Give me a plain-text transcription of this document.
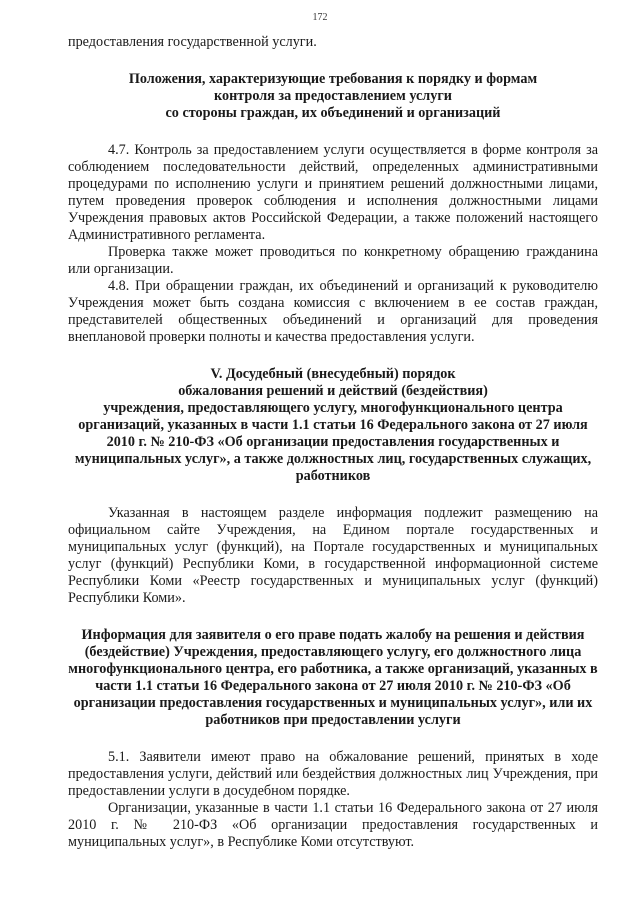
172

предоставления государственной услуги.

Положения, характеризующие требования к порядку и формам
контроля за предоставлением услуги
со стороны граждан, их объединений и организаций

4.7. Контроль за предоставлением услуги осуществляется в форме контроля за соблюдением последовательности действий, определенных административными процедурами по исполнению услуги и принятием решений должностными лицами, путем проведения проверок соблюдения и исполнения должностными лицами Учреждения правовых актов Российской Федерации, а также положений настоящего Административного регламента.

Проверка также может проводиться по конкретному обращению гражданина или организации.

4.8. При обращении граждан, их объединений и организаций к руководителю Учреждения может быть создана комиссия с включением в ее состав граждан, представителей общественных объединений и организаций для проведения внеплановой проверки полноты и качества предоставления услуги.

V. Досудебный (внесудебный) порядок
обжалования решений и действий (бездействия)
учреждения, предоставляющего услугу, многофункционального центра организаций, указанных в части 1.1 статьи 16 Федерального закона от 27 июля 2010 г. № 210-ФЗ «Об организации предоставления государственных и муниципальных услуг», а также должностных лиц, государственных служащих, работников

Указанная в настоящем разделе информация подлежит размещению на официальном сайте Учреждения, на Едином портале государственных и муниципальных услуг (функций), на Портале государственных и муниципальных услуг (функций) Республики Коми, в государственной информационной системе Республики Коми «Реестр государственных и муниципальных услуг (функций) Республики Коми».

Информация для заявителя о его праве подать жалобу на решения и действия (бездействие) Учреждения, предоставляющего услугу, его должностного лица многофункционального центра, его работника, а также организаций, указанных в части 1.1 статьи 16 Федерального закона от 27 июля 2010 г. № 210-ФЗ «Об организации предоставления государственных и муниципальных услуг», или их работников при предоставлении услуги

5.1. Заявители имеют право на обжалование решений, принятых в ходе предоставления услуги, действий или бездействия должностных лиц Учреждения, при предоставлении услуги в досудебном порядке.

Организации, указанные в части 1.1 статьи 16 Федерального закона от 27 июля 2010 г. № 210-ФЗ «Об организации предоставления государственных и муниципальных услуг», в Республике Коми отсутствуют.
